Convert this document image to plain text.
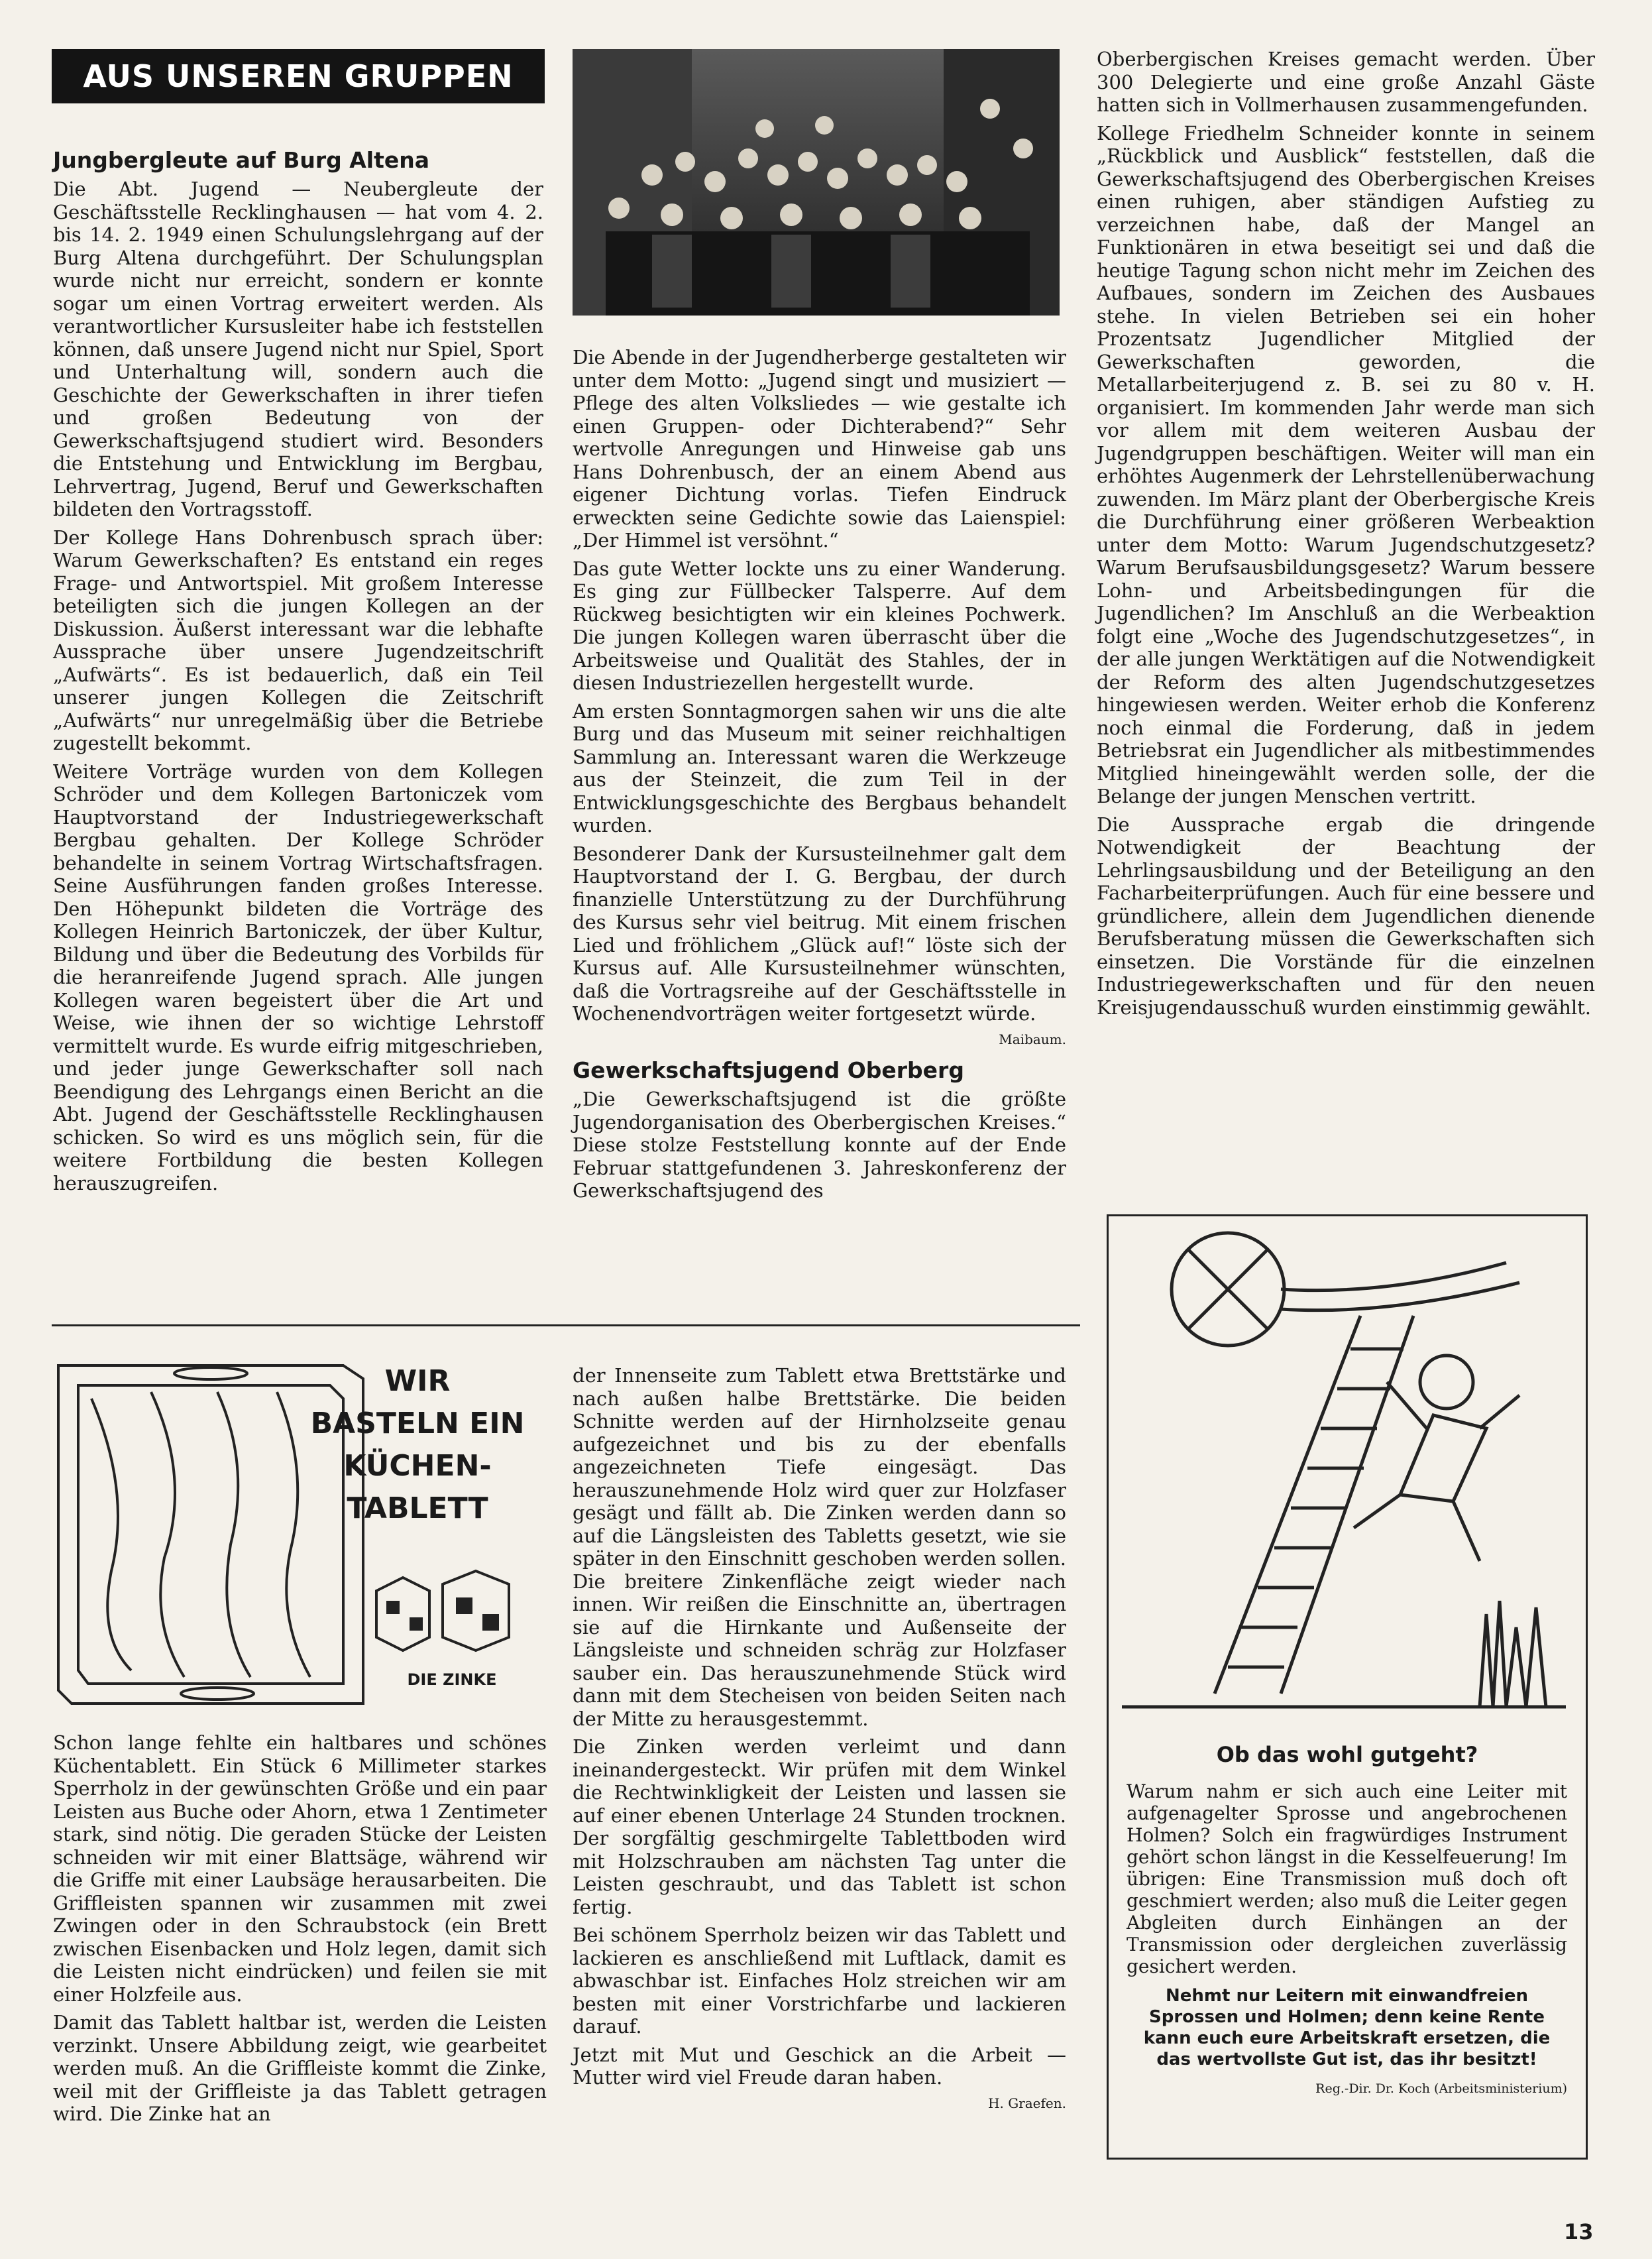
AUS UNSEREN GRUPPEN
Jungbergleute auf Burg Altena

Die Abt. Jugend — Neubergleute der Geschäftsstelle Recklinghausen — hat vom 4. 2. bis 14. 2. 1949 einen Schulungslehrgang auf der Burg Altena durchgeführt. Der Schulungsplan wurde nicht nur erreicht, sondern er konnte sogar um einen Vortrag erweitert werden. Als verantwortlicher Kursusleiter habe ich feststellen können, daß unsere Jugend nicht nur Spiel, Sport und Unterhaltung will, sondern auch die Geschichte der Gewerkschaften in ihrer tiefen und großen Bedeutung von der Gewerkschaftsjugend studiert wird. Besonders die Entstehung und Entwicklung im Bergbau, Lehrvertrag, Jugend, Beruf und Gewerkschaften bildeten den Vortragsstoff.

Der Kollege Hans Dohrenbusch sprach über: Warum Gewerkschaften? Es entstand ein reges Frage- und Antwortspiel. Mit großem Interesse beteiligten sich die jungen Kollegen an der Diskussion. Äußerst interessant war die lebhafte Aussprache über unsere Jugendzeitschrift „Aufwärts“. Es ist bedauerlich, daß ein Teil unserer jungen Kollegen die Zeitschrift „Aufwärts“ nur unregelmäßig über die Betriebe zugestellt bekommt.

Weitere Vorträge wurden von dem Kollegen Schröder und dem Kollegen Bartoniczek vom Hauptvorstand der Industriegewerkschaft Bergbau gehalten. Der Kollege Schröder behandelte in seinem Vortrag Wirtschaftsfragen. Seine Ausführungen fanden großes Interesse. Den Höhepunkt bildeten die Vorträge des Kollegen Heinrich Bartoniczek, der über Kultur, Bildung und über die Bedeutung des Vorbilds für die heranreifende Jugend sprach. Alle jungen Kollegen waren begeistert über die Art und Weise, wie ihnen der so wichtige Lehrstoff vermittelt wurde. Es wurde eifrig mitgeschrieben, und jeder junge Gewerkschafter soll nach Beendigung des Lehrgangs einen Bericht an die Abt. Jugend der Geschäftsstelle Recklinghausen schicken. So wird es uns möglich sein, für die weitere Fortbildung die besten Kollegen herauszugreifen.

Die Abende in der Jugendherberge gestalteten wir unter dem Motto: „Jugend singt und musiziert — Pflege des alten Volksliedes — wie gestalte ich einen Gruppen- oder Dichterabend?“ Sehr wertvolle Anregungen und Hinweise gab uns Hans Dohrenbusch, der an einem Abend aus eigener Dichtung vorlas. Tiefen Eindruck erweckten seine Gedichte sowie das Laienspiel: „Der Himmel ist versöhnt.“

Das gute Wetter lockte uns zu einer Wanderung. Es ging zur Füllbecker Talsperre. Auf dem Rückweg besichtigten wir ein kleines Pochwerk. Die jungen Kollegen waren überrascht über die Arbeitsweise und Qualität des Stahles, der in diesen Industriezellen hergestellt wurde.

Am ersten Sonntagmorgen sahen wir uns die alte Burg und das Museum mit seiner reichhaltigen Sammlung an. Interessant waren die Werkzeuge aus der Steinzeit, die zum Teil in der Entwicklungsgeschichte des Bergbaus behandelt wurden.

Besonderer Dank der Kursusteilnehmer galt dem Hauptvorstand der I. G. Bergbau, der durch finanzielle Unterstützung zu der Durchführung des Kursus sehr viel beitrug. Mit einem frischen Lied und fröhlichem „Glück auf!“ löste sich der Kursus auf. Alle Kursusteilnehmer wünschten, daß die Vortragsreihe auf der Geschäftsstelle in Wochenendvorträgen weiter fortgesetzt würde.

Maibaum.

Gewerkschaftsjugend Oberberg

„Die Gewerkschaftsjugend ist die größte Jugendorganisation des Oberbergischen Kreises.“ Diese stolze Feststellung konnte auf der Ende Februar stattgefundenen 3. Jahreskonferenz der Gewerkschaftsjugend des

Oberbergischen Kreises gemacht werden. Über 300 Delegierte und eine große Anzahl Gäste hatten sich in Vollmerhausen zusammengefunden.

Kollege Friedhelm Schneider konnte in seinem „Rückblick und Ausblick“ feststellen, daß die Gewerkschaftsjugend des Oberbergischen Kreises einen ruhigen, aber ständigen Aufstieg zu verzeichnen habe, daß der Mangel an Funktionären in etwa beseitigt sei und daß die heutige Tagung schon nicht mehr im Zeichen des Aufbaues, sondern im Zeichen des Ausbaues stehe. In vielen Betrieben sei ein hoher Prozentsatz Jugendlicher Mitglied der Gewerkschaften geworden, die Metallarbeiterjugend z. B. sei zu 80 v. H. organisiert. Im kommenden Jahr werde man sich vor allem mit dem weiteren Ausbau der Jugendgruppen beschäftigen. Weiter will man ein erhöhtes Augenmerk der Lehrstellenüberwachung zuwenden. Im März plant der Oberbergische Kreis die Durchführung einer größeren Werbeaktion unter dem Motto: Warum Jugendschutzgesetz? Warum Berufsausbildungsgesetz? Warum bessere Lohn- und Arbeitsbedingungen für die Jugendlichen? Im Anschluß an die Werbeaktion folgt eine „Woche des Jugendschutzgesetzes“, in der alle jungen Werktätigen auf die Notwendigkeit der Reform des alten Jugendschutzgesetzes hingewiesen werden. Weiter erhob die Konferenz noch einmal die Forderung, daß in jedem Betriebsrat ein Jugendlicher als mitbestimmendes Mitglied hineingewählt werden solle, der die Belange der jungen Menschen vertritt.

Die Aussprache ergab die dringende Notwendigkeit der Beachtung der Lehrlingsausbildung und der Beteiligung an den Facharbeiterprüfungen. Auch für eine bessere und gründlichere, allein dem Jugendlichen dienende Berufsberatung müssen die Gewerkschaften sich einsetzen. Die Vorstände für die einzelnen Industriegewerkschaften und für den neuen Kreisjugendausschuß wurden einstimmig gewählt.

WIR
BASTELN EIN
KÜCHEN-
TABLETT
DIE ZINKE

Schon lange fehlte ein haltbares und schönes Küchentablett. Ein Stück 6 Millimeter starkes Sperrholz in der gewünschten Größe und ein paar Leisten aus Buche oder Ahorn, etwa 1 Zentimeter stark, sind nötig. Die geraden Stücke der Leisten schneiden wir mit einer Blattsäge, während wir die Griffe mit einer Laubsäge herausarbeiten. Die Griffleisten spannen wir zusammen mit zwei Zwingen oder in den Schraubstock (ein Brett zwischen Eisenbacken und Holz legen, damit sich die Leisten nicht eindrücken) und feilen sie mit einer Holzfeile aus.

Damit das Tablett haltbar ist, werden die Leisten verzinkt. Unsere Abbildung zeigt, wie gearbeitet werden muß. An die Griffleiste kommt die Zinke, weil mit der Griffleiste ja das Tablett getragen wird. Die Zinke hat an

der Innenseite zum Tablett etwa Brettstärke und nach außen halbe Brettstärke. Die beiden Schnitte werden auf der Hirnholzseite genau aufgezeichnet und bis zu der ebenfalls angezeichneten Tiefe eingesägt. Das herauszunehmende Holz wird quer zur Holzfaser gesägt und fällt ab. Die Zinken werden dann so auf die Längsleisten des Tabletts gesetzt, wie sie später in den Einschnitt geschoben werden sollen. Die breitere Zinkenfläche zeigt wieder nach innen. Wir reißen die Einschnitte an, übertragen sie auf die Hirnkante und Außenseite der Längsleiste und schneiden schräg zur Holzfaser sauber ein. Das herauszunehmende Stück wird dann mit dem Stecheisen von beiden Seiten nach der Mitte zu herausgestemmt.

Die Zinken werden verleimt und dann ineinandergesteckt. Wir prüfen mit dem Winkel die Rechtwinkligkeit der Leisten und lassen sie auf einer ebenen Unterlage 24 Stunden trocknen. Der sorgfältig geschmirgelte Tablettboden wird mit Holzschrauben am nächsten Tag unter die Leisten geschraubt, und das Tablett ist schon fertig.

Bei schönem Sperrholz beizen wir das Tablett und lackieren es anschließend mit Luftlack, damit es abwaschbar ist. Einfaches Holz streichen wir am besten mit einer Vorstrichfarbe und lackieren darauf.

Jetzt mit Mut und Geschick an die Arbeit — Mutter wird viel Freude daran haben.

H. Graefen.

Ob das wohl gutgeht?

Warum nahm er sich auch eine Leiter mit aufgenagelter Sprosse und angebrochenen Holmen? Solch ein fragwürdiges Instrument gehört schon längst in die Kesselfeuerung! Im übrigen: Eine Transmission muß doch oft geschmiert werden; also muß die Leiter gegen Abgleiten durch Einhängen an der Transmission oder dergleichen zuverlässig gesichert werden.

Nehmt nur Leitern mit einwandfreien Sprossen und Holmen; denn keine Rente kann euch eure Arbeitskraft ersetzen, die das wertvollste Gut ist, das ihr besitzt!

Reg.-Dir. Dr. Koch (Arbeitsministerium)

13
